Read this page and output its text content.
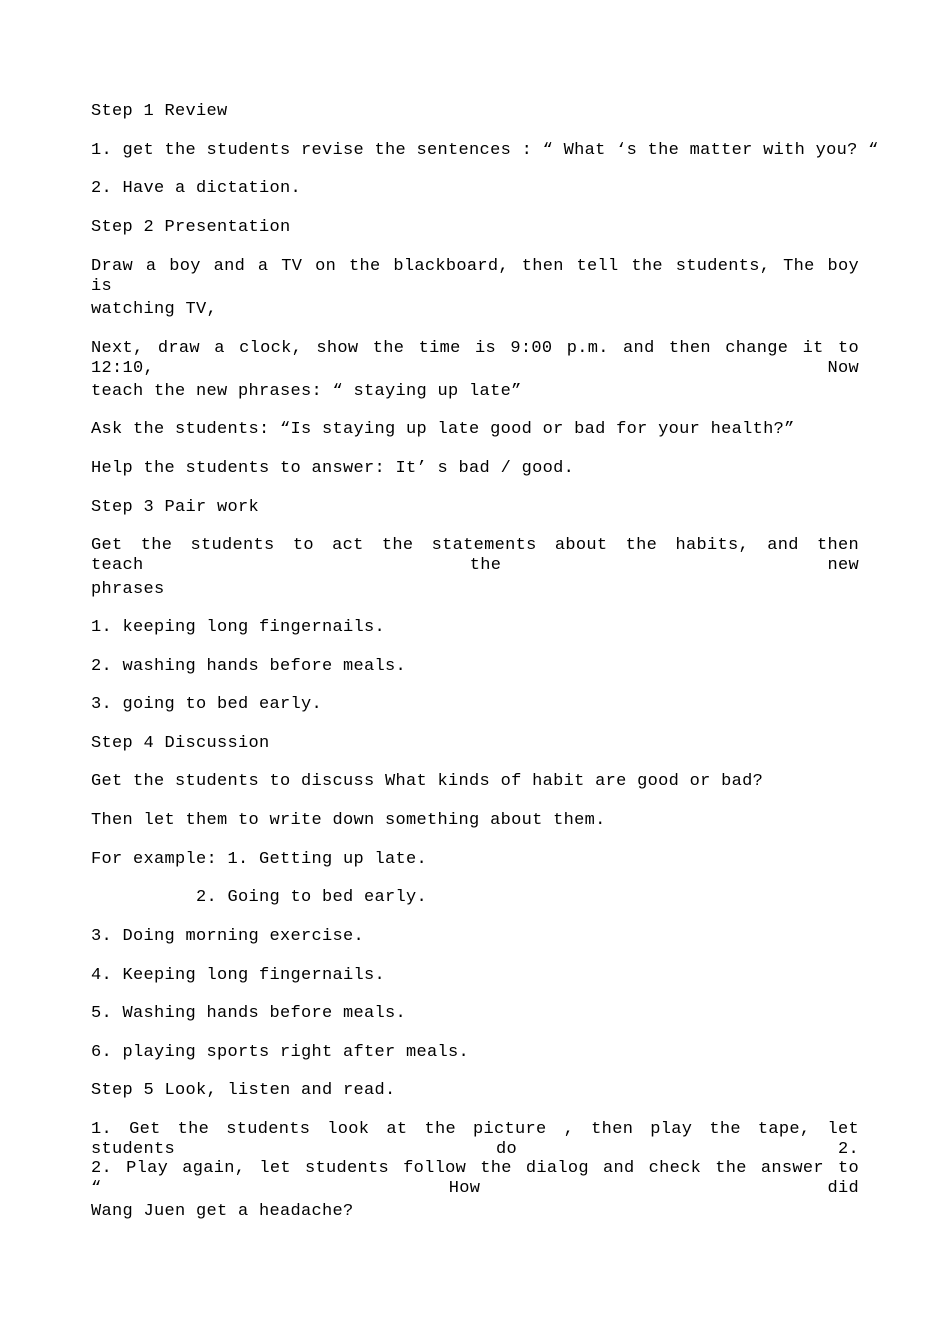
Step 1 Review
1. get the students revise the sentences : “ What ‘s the matter with you? “
2. Have a dictation.
Step 2 Presentation
Draw a boy and a TV on the blackboard, then tell the students, The boy is
watching TV,
Next, draw a clock, show the time is 9:00 p.m. and then change it to 12:10, Now
teach the new phrases: “ staying up late”
Ask the students: “Is staying up late good or bad for your health?”
Help the students to answer: It’ s bad / good.
Step 3 Pair work
Get the students to act the statements about the habits, and then teach the new
phrases
1. keeping long fingernails.
2. washing hands before meals.
3. going to bed early.
Step 4 Discussion
Get the students to discuss What kinds of habit are good or bad?
Then let them to write down something about them.
For example: 1. Getting up late.
2. Going to bed early.
3. Doing morning exercise.
4. Keeping long fingernails.
5. Washing hands before meals.
6. playing sports right after meals.
Step 5 Look, listen and read.
1. Get the students look at the picture , then play the tape, let students do 2.
2. Play again, let students follow the dialog and check the answer to “ How did
Wang Juen get a headache?
